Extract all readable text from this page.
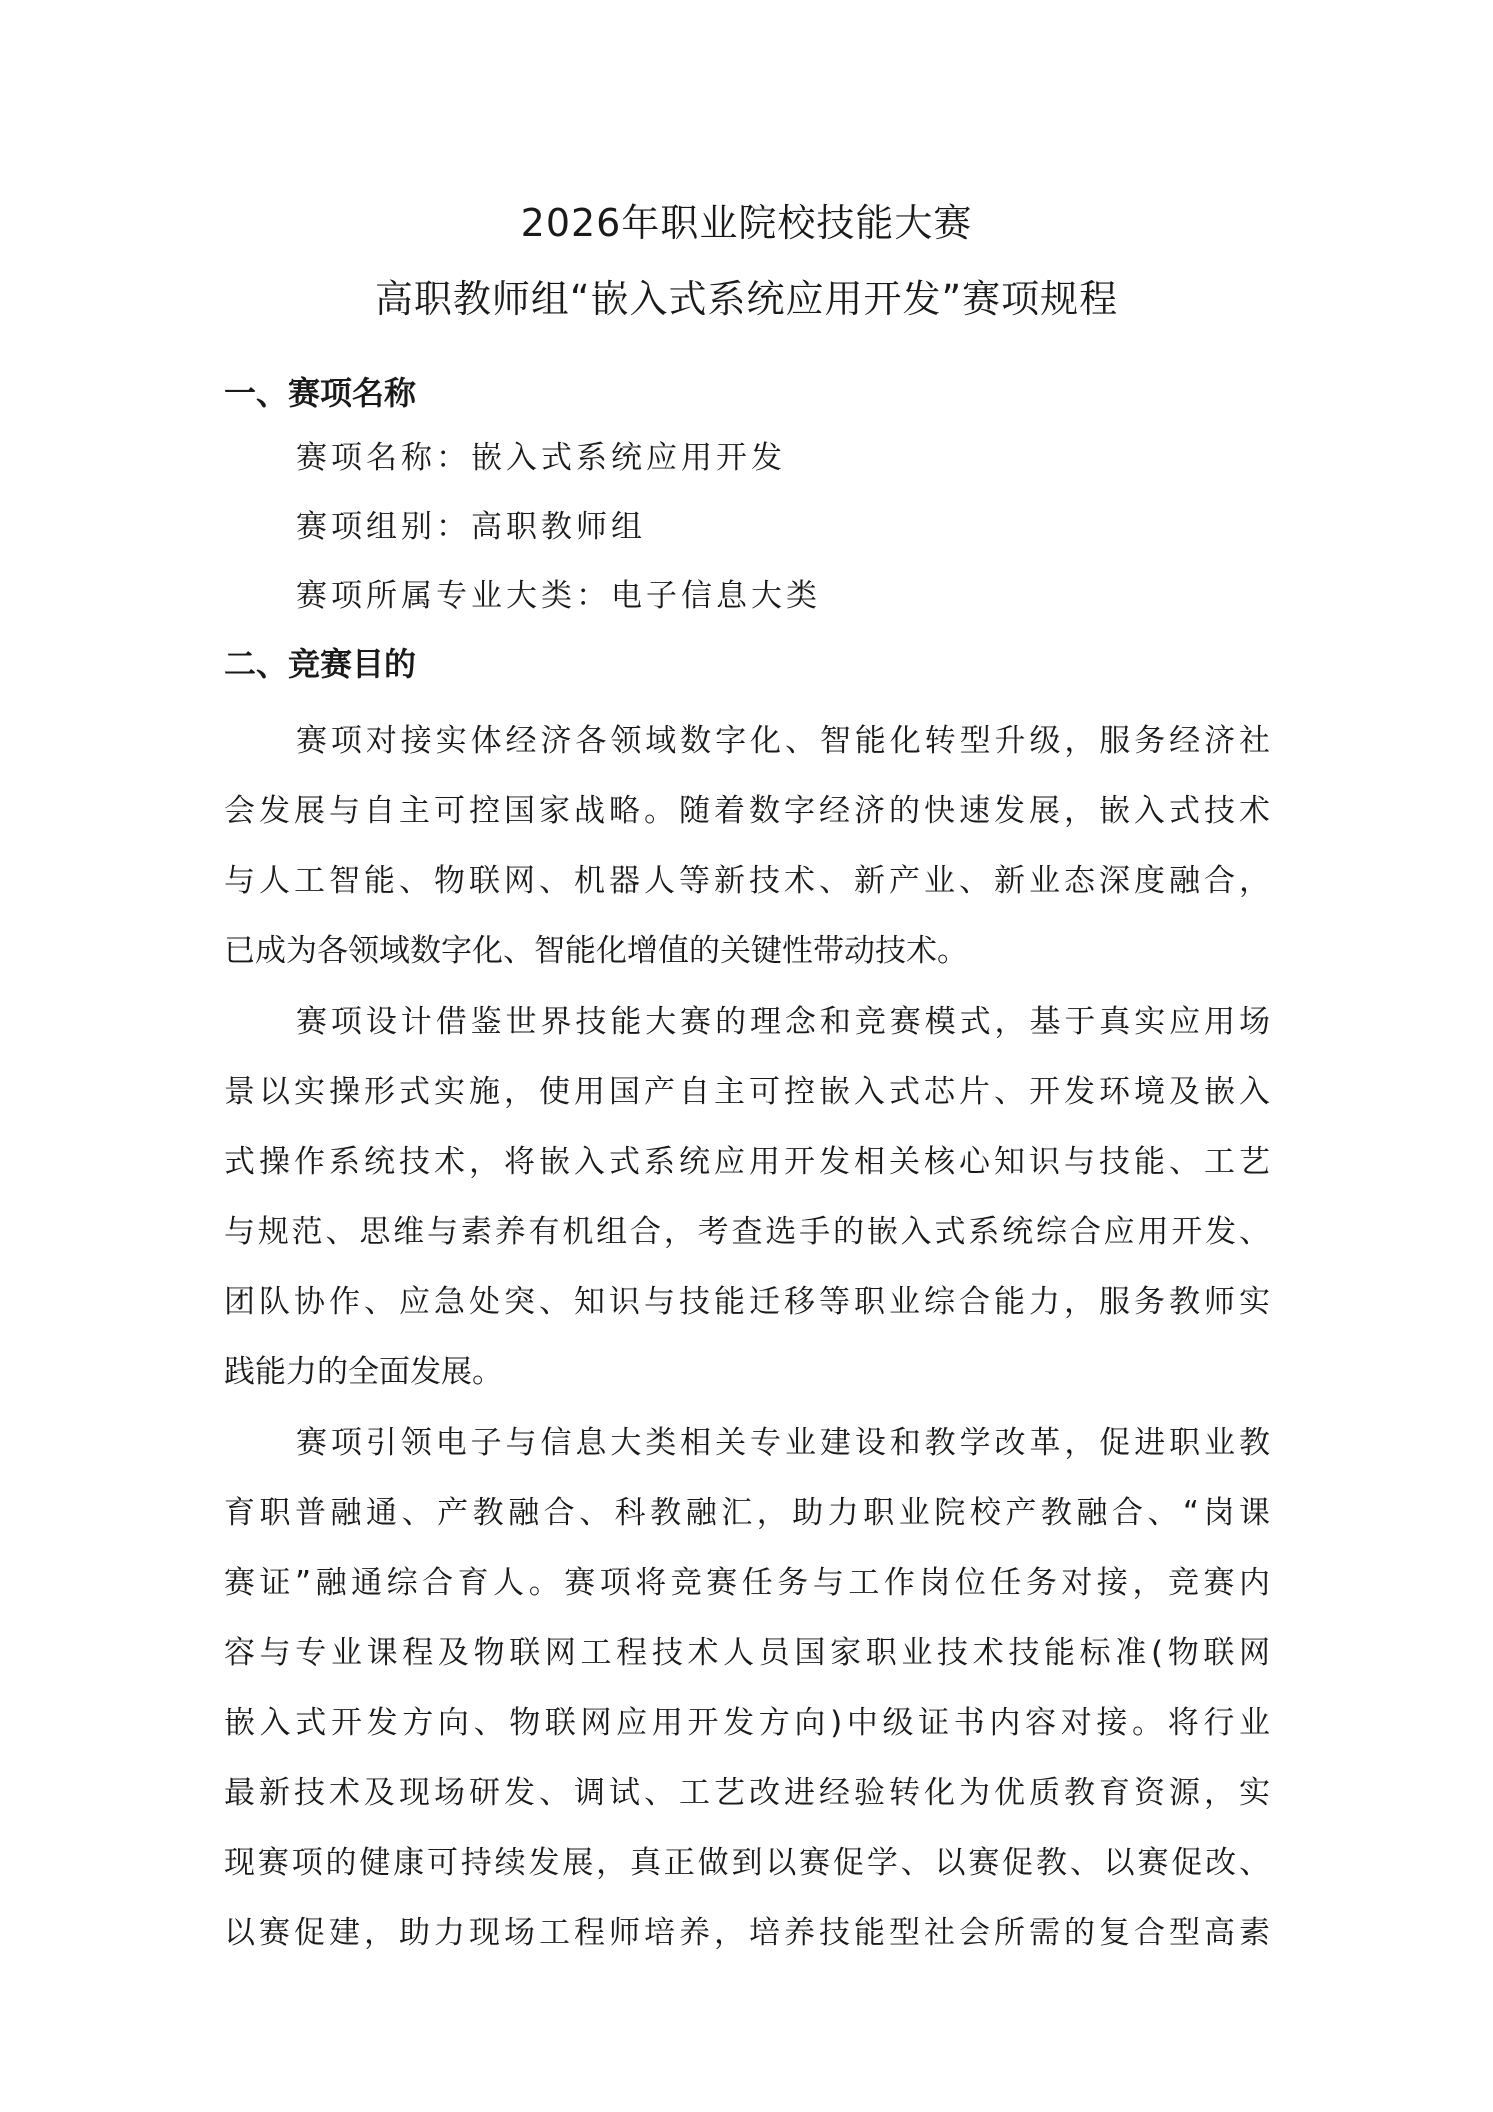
2026年职业院校技能大赛
高职教师组“嵌入式系统应用开发”赛项规程
一、赛项名称
赛项名称：嵌入式系统应用开发
赛项组别：高职教师组
赛项所属专业大类：电子信息大类
二、竞赛目的
赛项对接实体经济各领域数字化、智能化转型升级，服务经济社
会发展与自主可控国家战略。随着数字经济的快速发展，嵌入式技术
与人工智能、物联网、机器人等新技术、新产业、新业态深度融合，
已成为各领域数字化、智能化增值的关键性带动技术。
赛项设计借鉴世界技能大赛的理念和竞赛模式，基于真实应用场
景以实操形式实施，使用国产自主可控嵌入式芯片、开发环境及嵌入
式操作系统技术，将嵌入式系统应用开发相关核心知识与技能、工艺
与规范、思维与素养有机组合，考查选手的嵌入式系统综合应用开发、
团队协作、应急处突、知识与技能迁移等职业综合能力，服务教师实
践能力的全面发展。
赛项引领电子与信息大类相关专业建设和教学改革，促进职业教
育职普融通、产教融合、科教融汇，助力职业院校产教融合、“岗课
赛证”融通综合育人。赛项将竞赛任务与工作岗位任务对接，竞赛内
容与专业课程及物联网工程技术人员国家职业技术技能标准(物联网
嵌入式开发方向、物联网应用开发方向)中级证书内容对接。将行业
最新技术及现场研发、调试、工艺改进经验转化为优质教育资源，实
现赛项的健康可持续发展，真正做到以赛促学、以赛促教、以赛促改、
以赛促建，助力现场工程师培养，培养技能型社会所需的复合型高素
